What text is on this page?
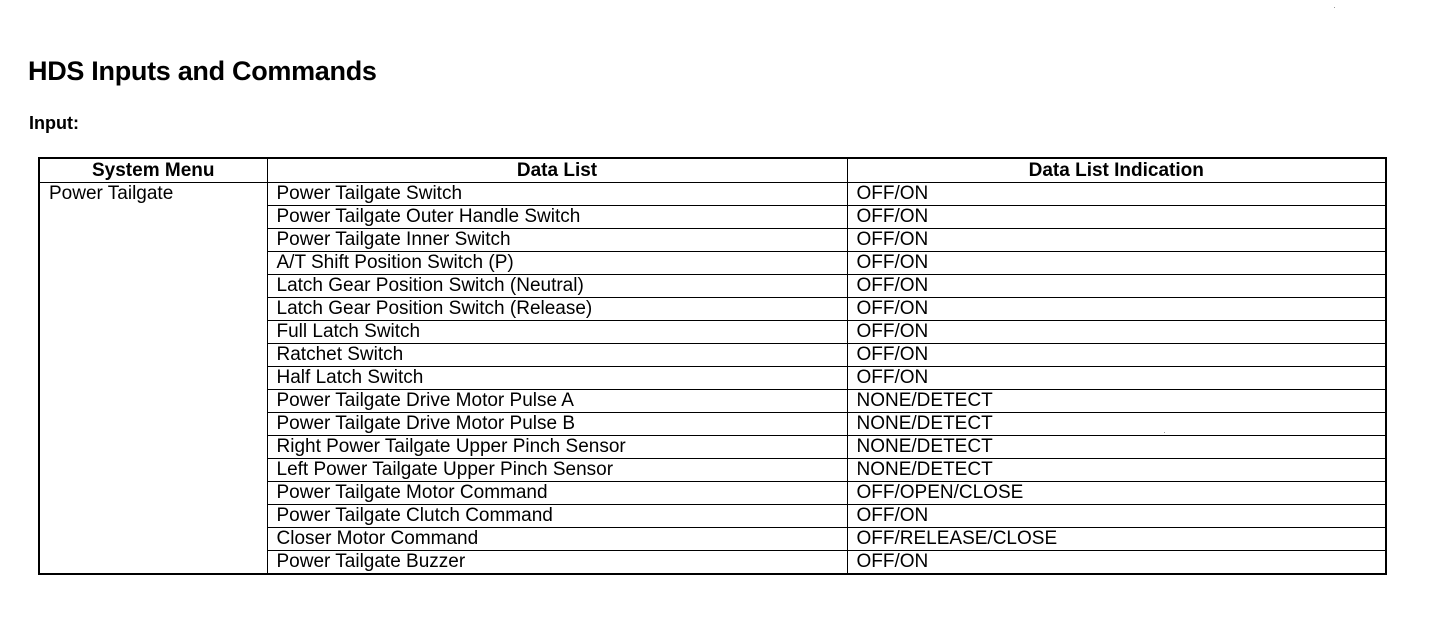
HDS Inputs and Commands
Input:
System Menu	Data List	Data List Indication
Power Tailgate	Power Tailgate Switch	OFF/ON
	Power Tailgate Outer Handle Switch	OFF/ON
	Power Tailgate Inner Switch	OFF/ON
	A/T Shift Position Switch (P)	OFF/ON
	Latch Gear Position Switch (Neutral)	OFF/ON
	Latch Gear Position Switch (Release)	OFF/ON
	Full Latch Switch	OFF/ON
	Ratchet Switch	OFF/ON
	Half Latch Switch	OFF/ON
	Power Tailgate Drive Motor Pulse A	NONE/DETECT
	Power Tailgate Drive Motor Pulse B	NONE/DETECT
	Right Power Tailgate Upper Pinch Sensor	NONE/DETECT
	Left Power Tailgate Upper Pinch Sensor	NONE/DETECT
	Power Tailgate Motor Command	OFF/OPEN/CLOSE
	Power Tailgate Clutch Command	OFF/ON
	Closer Motor Command	OFF/RELEASE/CLOSE
	Power Tailgate Buzzer	OFF/ON
